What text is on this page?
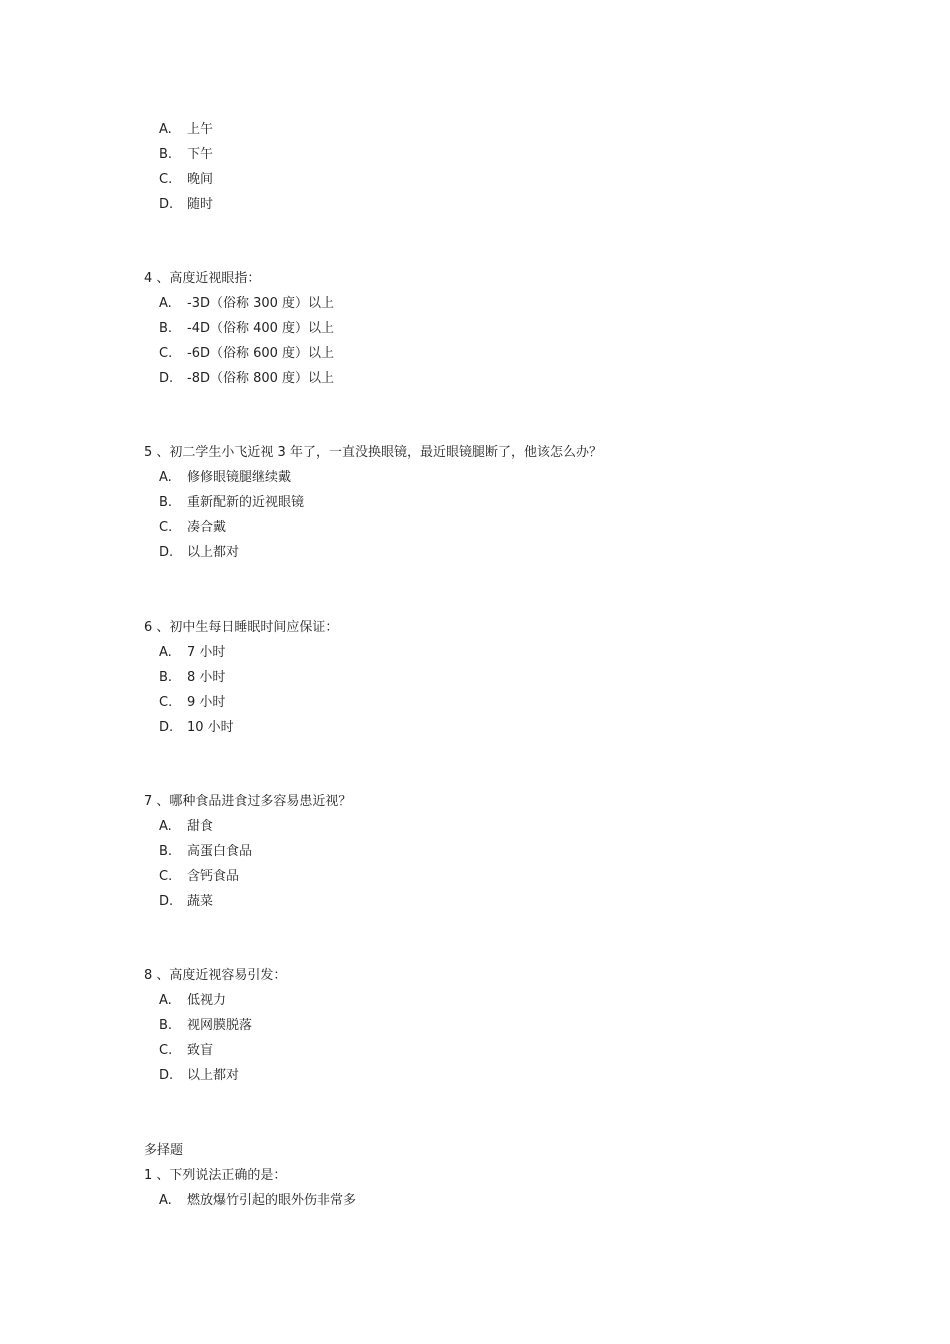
A. 上午
B. 下午
C. 晚间
D. 随时
4 、高度近视眼指：
A. -3D（俗称 300 度）以上
B. -4D（俗称 400 度）以上
C. -6D（俗称 600 度）以上
D. -8D（俗称 800 度）以上
5 、初二学生小飞近视 3 年了，一直没换眼镜，最近眼镜腿断了，他该怎么办？
A. 修修眼镜腿继续戴
B. 重新配新的近视眼镜
C. 凑合戴
D. 以上都对
6 、初中生每日睡眠时间应保证：
A. 7 小时
B. 8 小时
C. 9 小时
D. 10 小时
7 、哪种食品进食过多容易患近视？
A. 甜食
B. 高蛋白食品
C. 含钙食品
D. 蔬菜
8 、高度近视容易引发：
A. 低视力
B. 视网膜脱落
C. 致盲
D. 以上都对
多择题
1 、下列说法正确的是：
A. 燃放爆竹引起的眼外伤非常多
